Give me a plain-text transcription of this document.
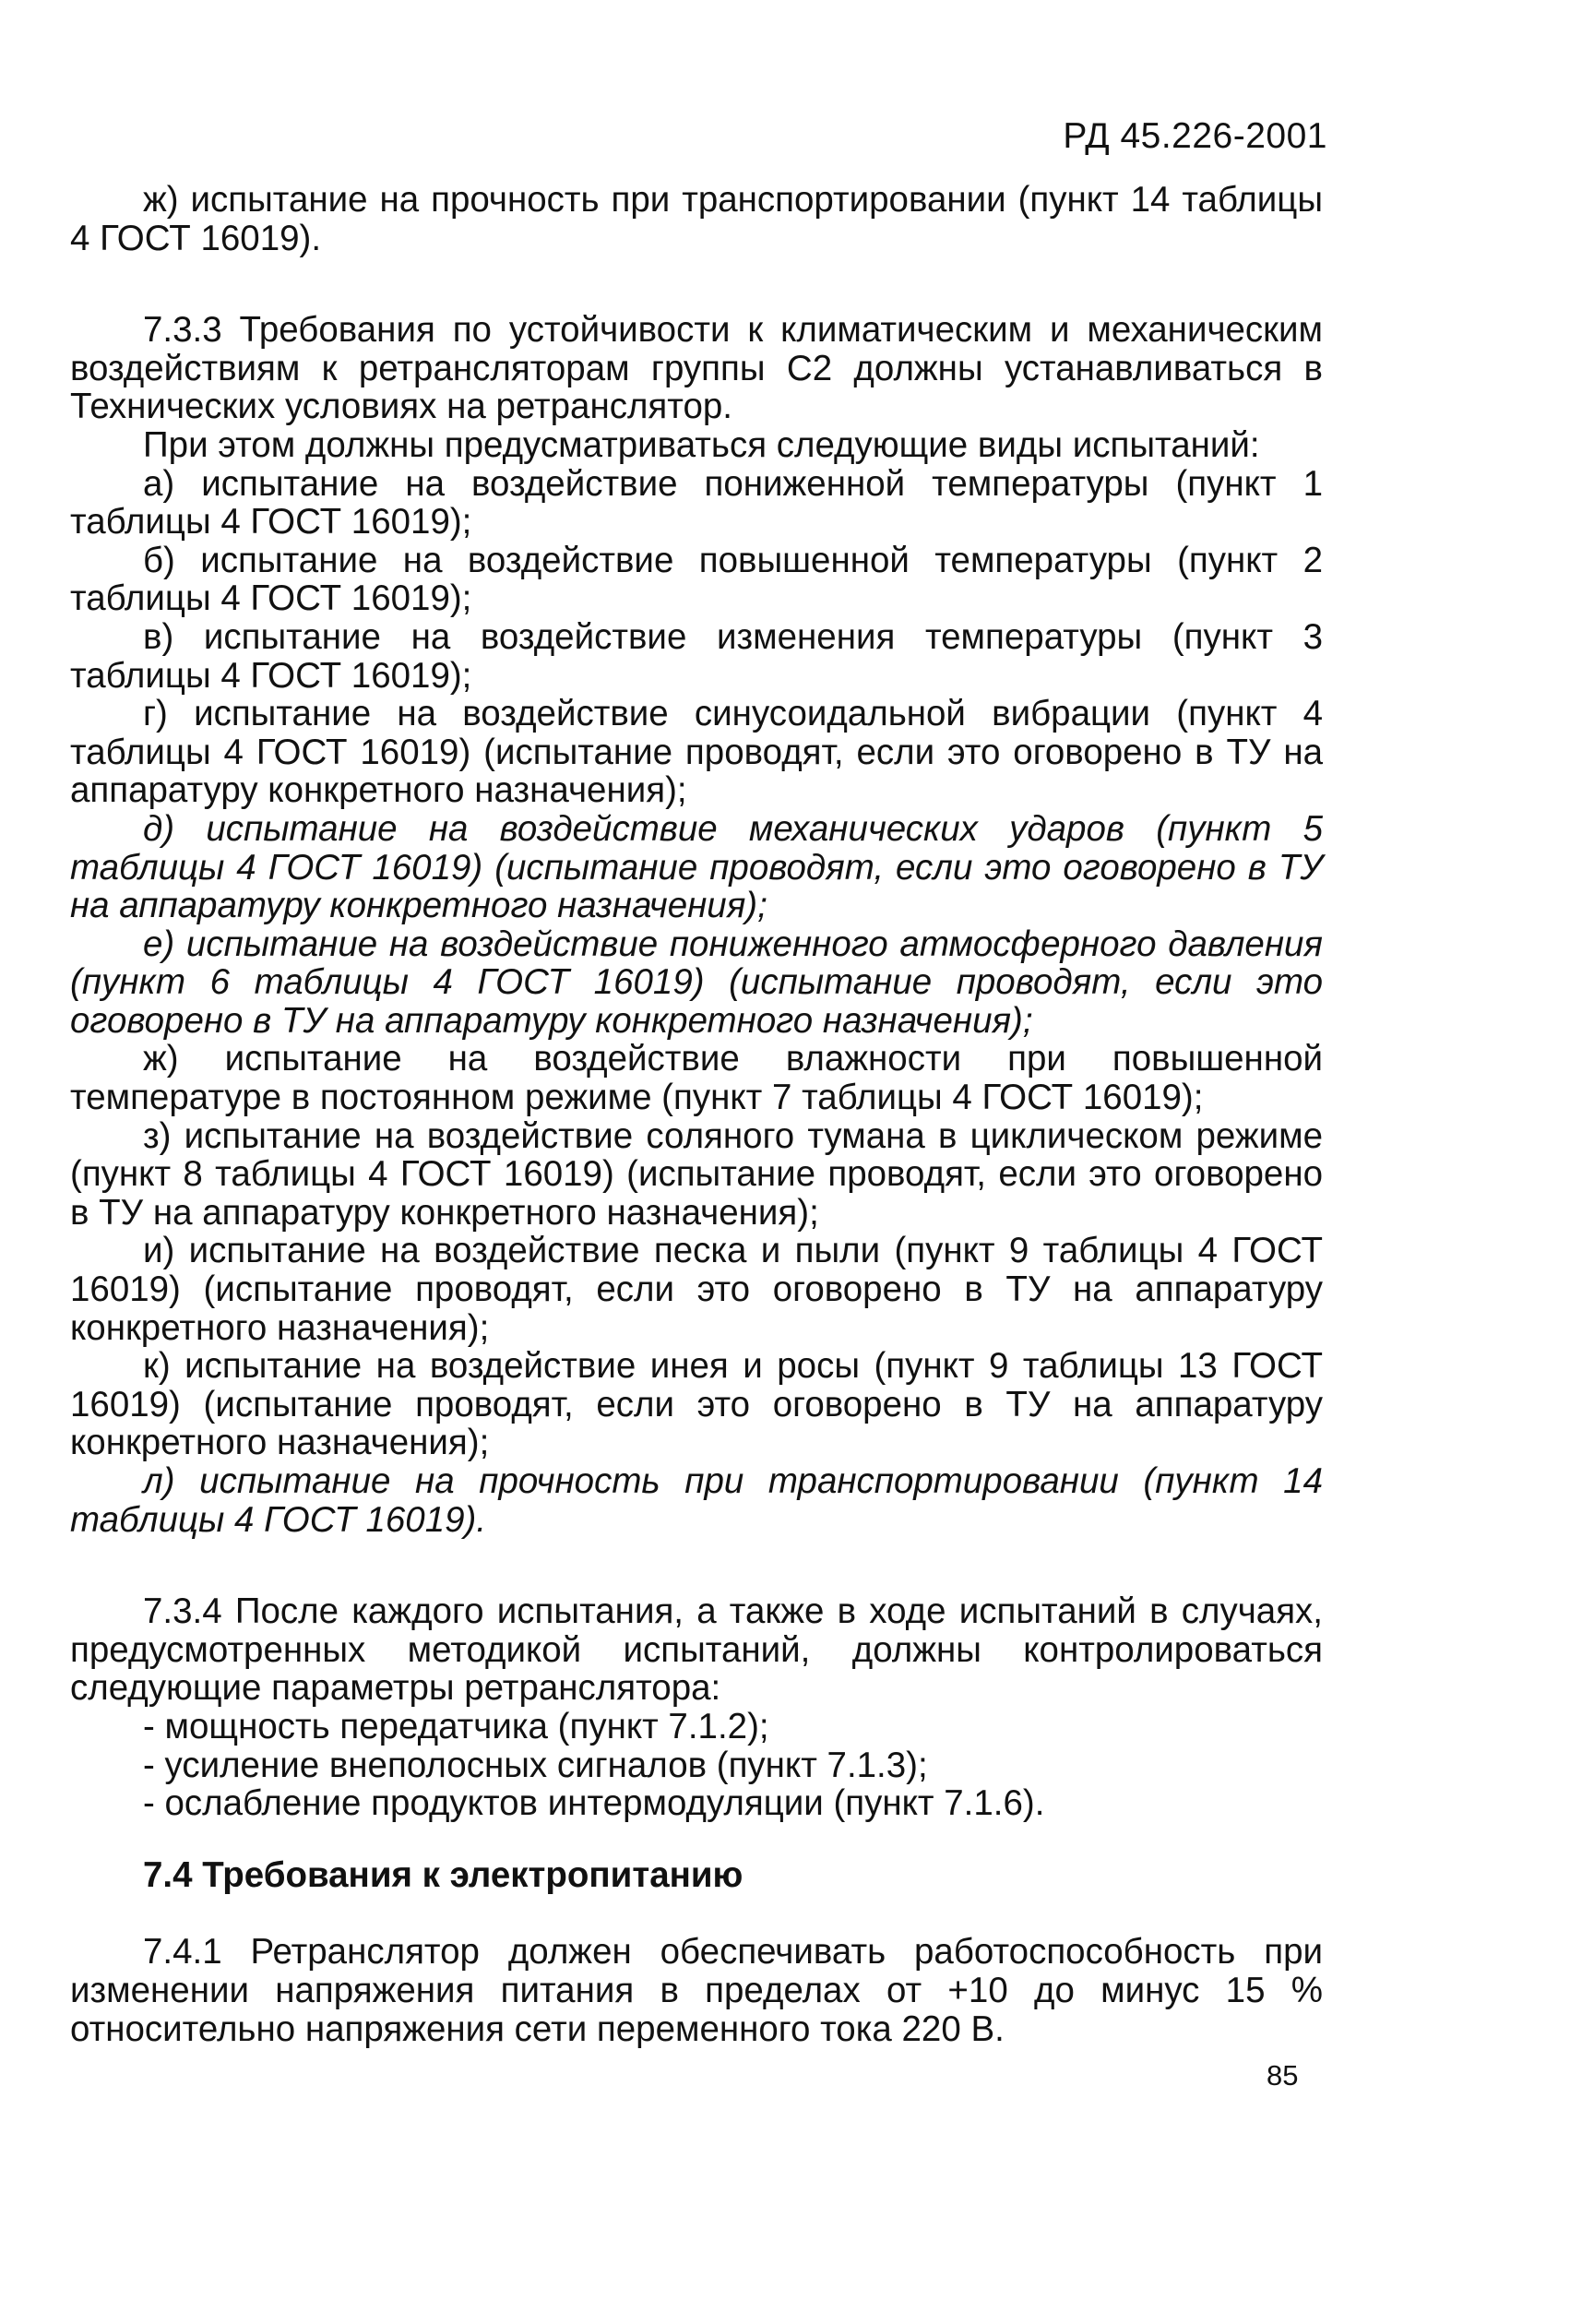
РД 45.226-2001

ж) испытание на прочность при транспортировании (пункт 14 таблицы 4 ГОСТ 16019).

7.3.3 Требования по устойчивости к климатическим и механическим воздействиям к ретрансляторам группы С2 должны устанавливаться в Технических условиях на ретранслятор.

При этом должны предусматриваться следующие виды испытаний:

а) испытание на воздействие пониженной температуры (пункт 1 таблицы 4 ГОСТ 16019);

б) испытание на воздействие повышенной температуры (пункт 2 таблицы 4 ГОСТ 16019);

в) испытание на воздействие изменения температуры (пункт 3 таблицы 4 ГОСТ 16019);

г) испытание на воздействие синусоидальной вибрации (пункт 4 таблицы 4 ГОСТ 16019) (испытание проводят, если это оговорено в ТУ на аппаратуру конкретного назначения);

д) испытание на воздействие механических ударов (пункт 5 таблицы 4 ГОСТ 16019) (испытание проводят, если это оговорено в ТУ на аппаратуру конкретного назначения);

е) испытание на воздействие пониженного атмосферного давления (пункт 6 таблицы 4 ГОСТ 16019) (испытание проводят, если это оговорено в ТУ на аппаратуру конкретного назначения);

ж) испытание на воздействие влажности при повышенной температуре в постоянном режиме (пункт 7 таблицы 4 ГОСТ 16019);

з) испытание на воздействие соляного тумана в циклическом режиме (пункт 8 таблицы 4 ГОСТ 16019) (испытание проводят, если это оговорено в ТУ на аппаратуру конкретного назначения);

и) испытание на воздействие песка и пыли (пункт 9 таблицы 4 ГОСТ 16019) (испытание проводят, если это оговорено в ТУ на аппаратуру конкретного назначения);

к) испытание на воздействие инея и росы (пункт 9 таблицы 13 ГОСТ 16019) (испытание проводят, если это оговорено в ТУ на аппаратуру конкретного назначения);

л) испытание на прочность при транспортировании (пункт 14 таблицы 4 ГОСТ 16019).

7.3.4 После каждого испытания, а также в ходе испытаний в случаях, предусмотренных методикой испытаний, должны контролироваться следующие параметры ретранслятора:

- мощность передатчика (пункт 7.1.2);

- усиление внеполосных сигналов (пункт 7.1.3);

- ослабление продуктов интермодуляции (пункт 7.1.6).

7.4 Требования к электропитанию

7.4.1 Ретранслятор должен обеспечивать работоспособность при изменении напряжения питания в пределах от +10 до минус 15 % относительно напряжения сети переменного тока 220 В.

85
